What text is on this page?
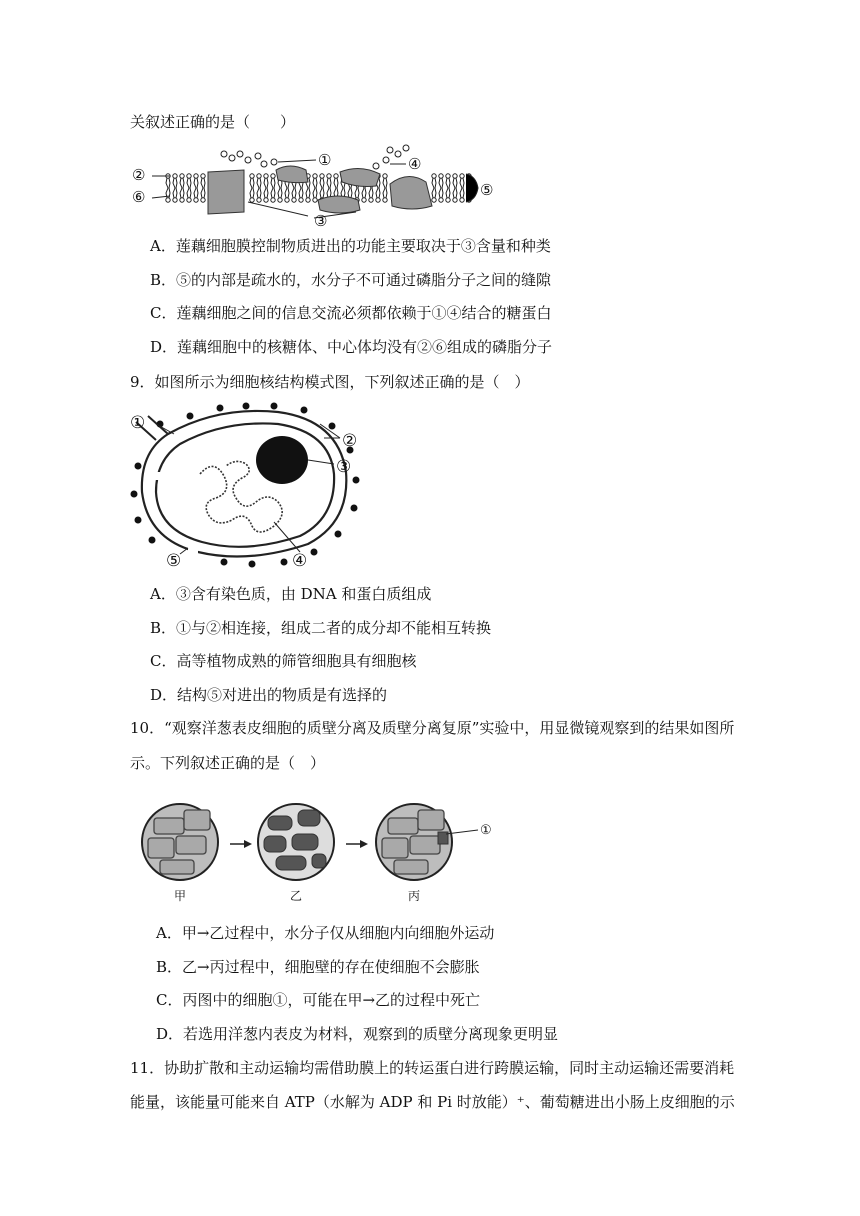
关叙述正确的是（　　）
①
②
⑥
③
④
⑤
A．莲藕细胞膜控制物质进出的功能主要取决于③含量和种类
B．⑤的内部是疏水的，水分子不可通过磷脂分子之间的缝隙
C．莲藕细胞之间的信息交流必须都依赖于①④结合的糖蛋白
D．莲藕细胞中的核糖体、中心体均没有②⑥组成的磷脂分子
9．如图所示为细胞核结构模式图，下列叙述正确的是（　）
①
②
③
④
⑤
A．③含有染色质，由 DNA 和蛋白质组成
B．①与②相连接，组成二者的成分却不能相互转换
C．高等植物成熟的筛管细胞具有细胞核
D．结构⑤对进出的物质是有选择的
10．“观察洋葱表皮细胞的质壁分离及质壁分离复原”实验中，用显微镜观察到的结果如图所
示。下列叙述正确的是（　）
①
甲	乙	丙
A．甲→乙过程中，水分子仅从细胞内向细胞外运动
B．乙→丙过程中，细胞壁的存在使细胞不会膨胀
C．丙图中的细胞①，可能在甲→乙的过程中死亡
D．若选用洋葱内表皮为材料，观察到的质壁分离现象更明显
11．协助扩散和主动运输均需借助膜上的转运蛋白进行跨膜运输，同时主动运输还需要消耗
能量，该能量可能来自 ATP（水解为 ADP 和 Pi 时放能）⁺、葡萄糖进出小肠上皮细胞的示
